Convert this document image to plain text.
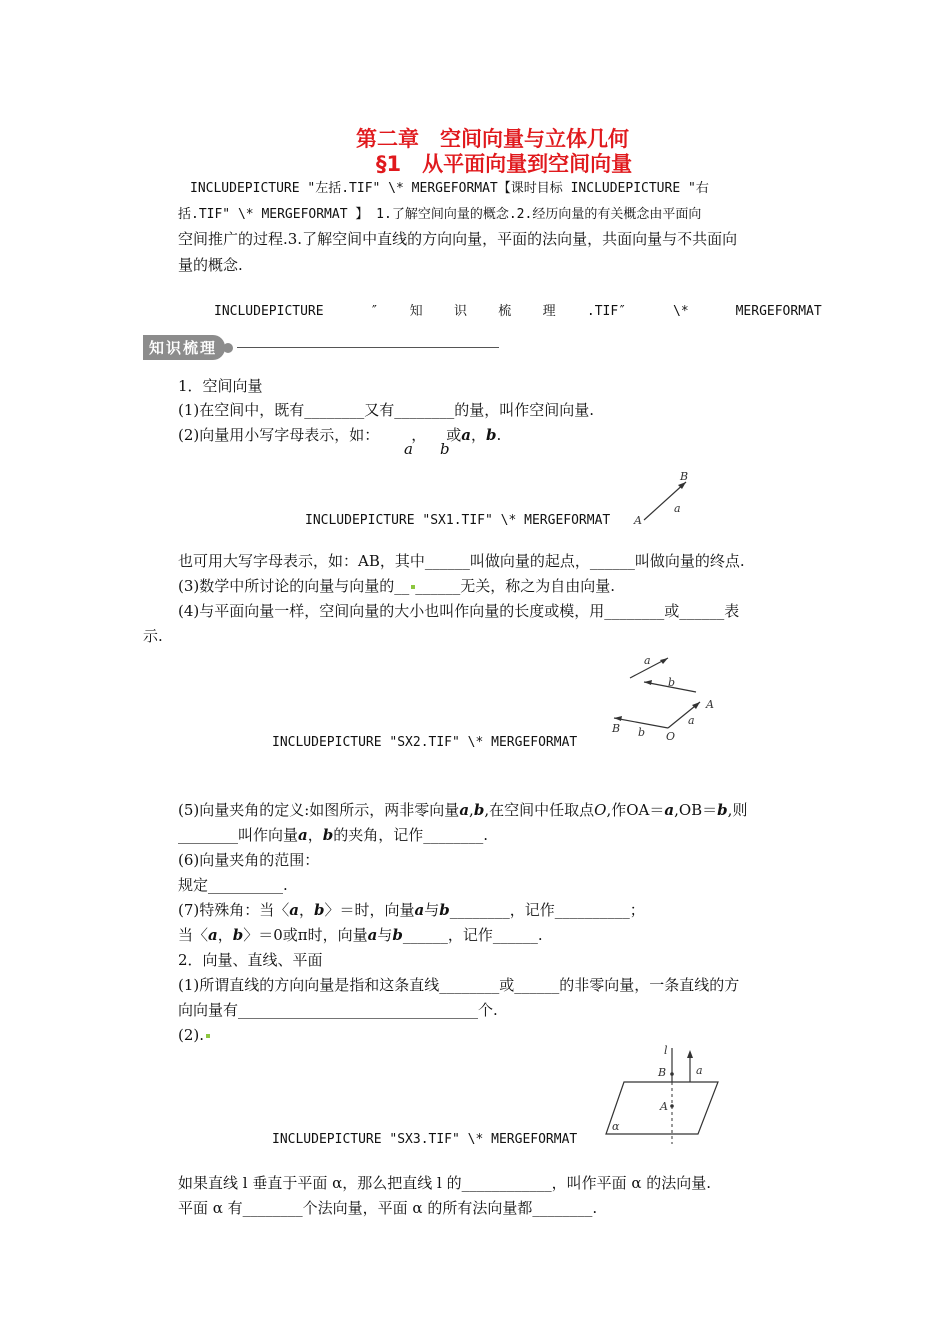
第二章　空间向量与立体几何
§1　从平面向量到空间向量
INCLUDEPICTURE "左括.TIF" \* MERGEFORMAT【课时目标 INCLUDEPICTURE "右
括.TIF" \* MERGEFORMAT 】 1.了解空间向量的概念.2.经历向量的有关概念由平面向
空间推广的过程.3.了解空间中直线的方向向量，平面的法向量，共面向量与不共面向
量的概念.
INCLUDEPICTURE      ″    知    识    梳    理    .TIF″      \*      MERGEFORMAT
知识梳理
1．空间向量
(1)在空间中，既有________又有________的量，叫作空间向量.
(2)向量用小写字母表示，如： ， 或a，b.
a b
INCLUDEPICTURE "SX1.TIF" \* MERGEFORMAT A
B
a
也可用大写字母表示，如：AB，其中______叫做向量的起点，______叫做向量的终点.
(3)数学中所讨论的向量与向量的__ ______无关，称之为自由向量.
(4)与平面向量一样，空间向量的大小也叫作向量的长度或模，用________或______表
示.
a
b
B b O
a
A
INCLUDEPICTURE "SX2.TIF" \* MERGEFORMAT
(5)向量夹角的定义:如图所示，两非零向量a,b,在空间中任取点O,作OA＝a,OB＝b,则
________叫作向量a，b的夹角，记作________.
(6)向量夹角的范围：
规定__________.
(7)特殊角：当〈a，b〉＝时，向量a与b________，记作__________；
当〈a，b〉＝0或π时，向量a与b______，记作______.
2．向量、直线、平面
(1)所谓直线的方向向量是指和这条直线________或______的非零向量，一条直线的方
向向量有________________________________个.
(2).
l
B
A
a
α
INCLUDEPICTURE "SX3.TIF" \* MERGEFORMAT
如果直线 l 垂直于平面 α，那么把直线 l 的____________，叫作平面 α 的法向量.
平面 α 有________个法向量，平面 α 的所有法向量都________.
